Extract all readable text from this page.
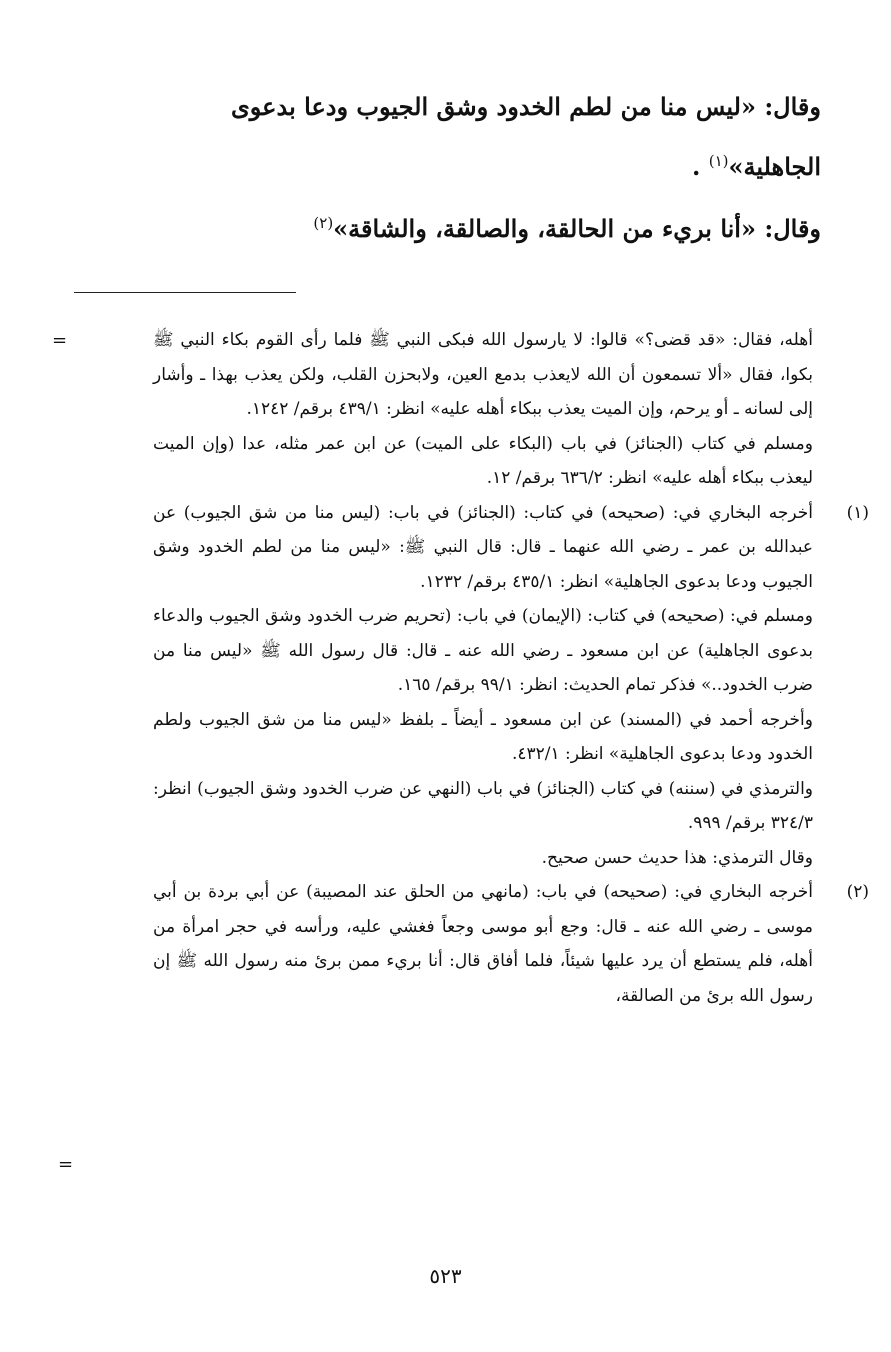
وقال: «ليس منا من لطم الخدود وشق الجيوب ودعا بدعوى الجاهلية»$^{(١)}$ .

وقال: «أنا بريء من الحالقة، والصالقة، والشاقة»$^{(٢)}$

=	أهله، فقال: «قد قضى؟» قالوا: لا يارسول الله فبكى النبي ﷺ فلما رأى القوم بكاء النبي ﷺ بكوا، فقال «ألا تسمعون أن الله لايعذب بدمع العين، ولابحزن القلب، ولكن يعذب بهذا ـ وأشار إلى لسانه ـ أو يرحم، وإن الميت يعذب ببكاء أهله عليه» انظر: ٤٣٩/١ برقم/ ١٢٤٢.

ومسلم في كتاب (الجنائز) في باب (البكاء على الميت) عن ابن عمر مثله، عدا (وإن الميت ليعذب ببكاء أهله عليه» انظر: ٦٣٦/٢ برقم/ ١٢.

(١)

أخرجه البخاري في: (صحيحه) في كتاب: (الجنائز) في باب: (ليس منا من شق الجيوب) عن عبدالله بن عمر ـ رضي الله عنهما ـ قال: قال النبي ﷺ: «ليس منا من لطم الخدود وشق الجيوب ودعا بدعوى الجاهلية» انظر: ٤٣٥/١ برقم/ ١٢٣٢.

ومسلم في: (صحيحه) في كتاب: (الإيمان) في باب: (تحريم ضرب الخدود وشق الجيوب والدعاء بدعوى الجاهلية) عن ابن مسعود ـ رضي الله عنه ـ قال: قال رسول الله ﷺ «ليس منا من ضرب الخدود..» فذكر تمام الحديث: انظر: ٩٩/١ برقم/ ١٦٥.

وأخرجه أحمد في (المسند) عن ابن مسعود ـ أيضاً ـ بلفظ «ليس منا من شق الجيوب ولطم الخدود ودعا بدعوى الجاهلية» انظر: ٤٣٢/١.

والترمذي في (سننه) في كتاب (الجنائز) في باب (النهي عن ضرب الخدود وشق الجيوب) انظر: ٣٢٤/٣ برقم/ ٩٩٩.

وقال الترمذي: هذا حديث حسن صحيح.

(٢)

أخرجه البخاري في: (صحيحه) في باب: (مانهي من الحلق عند المصيبة) عن أبي بردة بن أبي موسى ـ رضي الله عنه ـ قال: وجع أبو موسى وجعاً فغشي عليه، ورأسه في حجر امرأة من أهله، فلم يستطع أن يرد عليها شيئاً، فلما أفاق قال: أنا بريء ممن برئ منه رسول الله ﷺ إن رسول الله برئ من الصالقة،

=
٥٢٣
